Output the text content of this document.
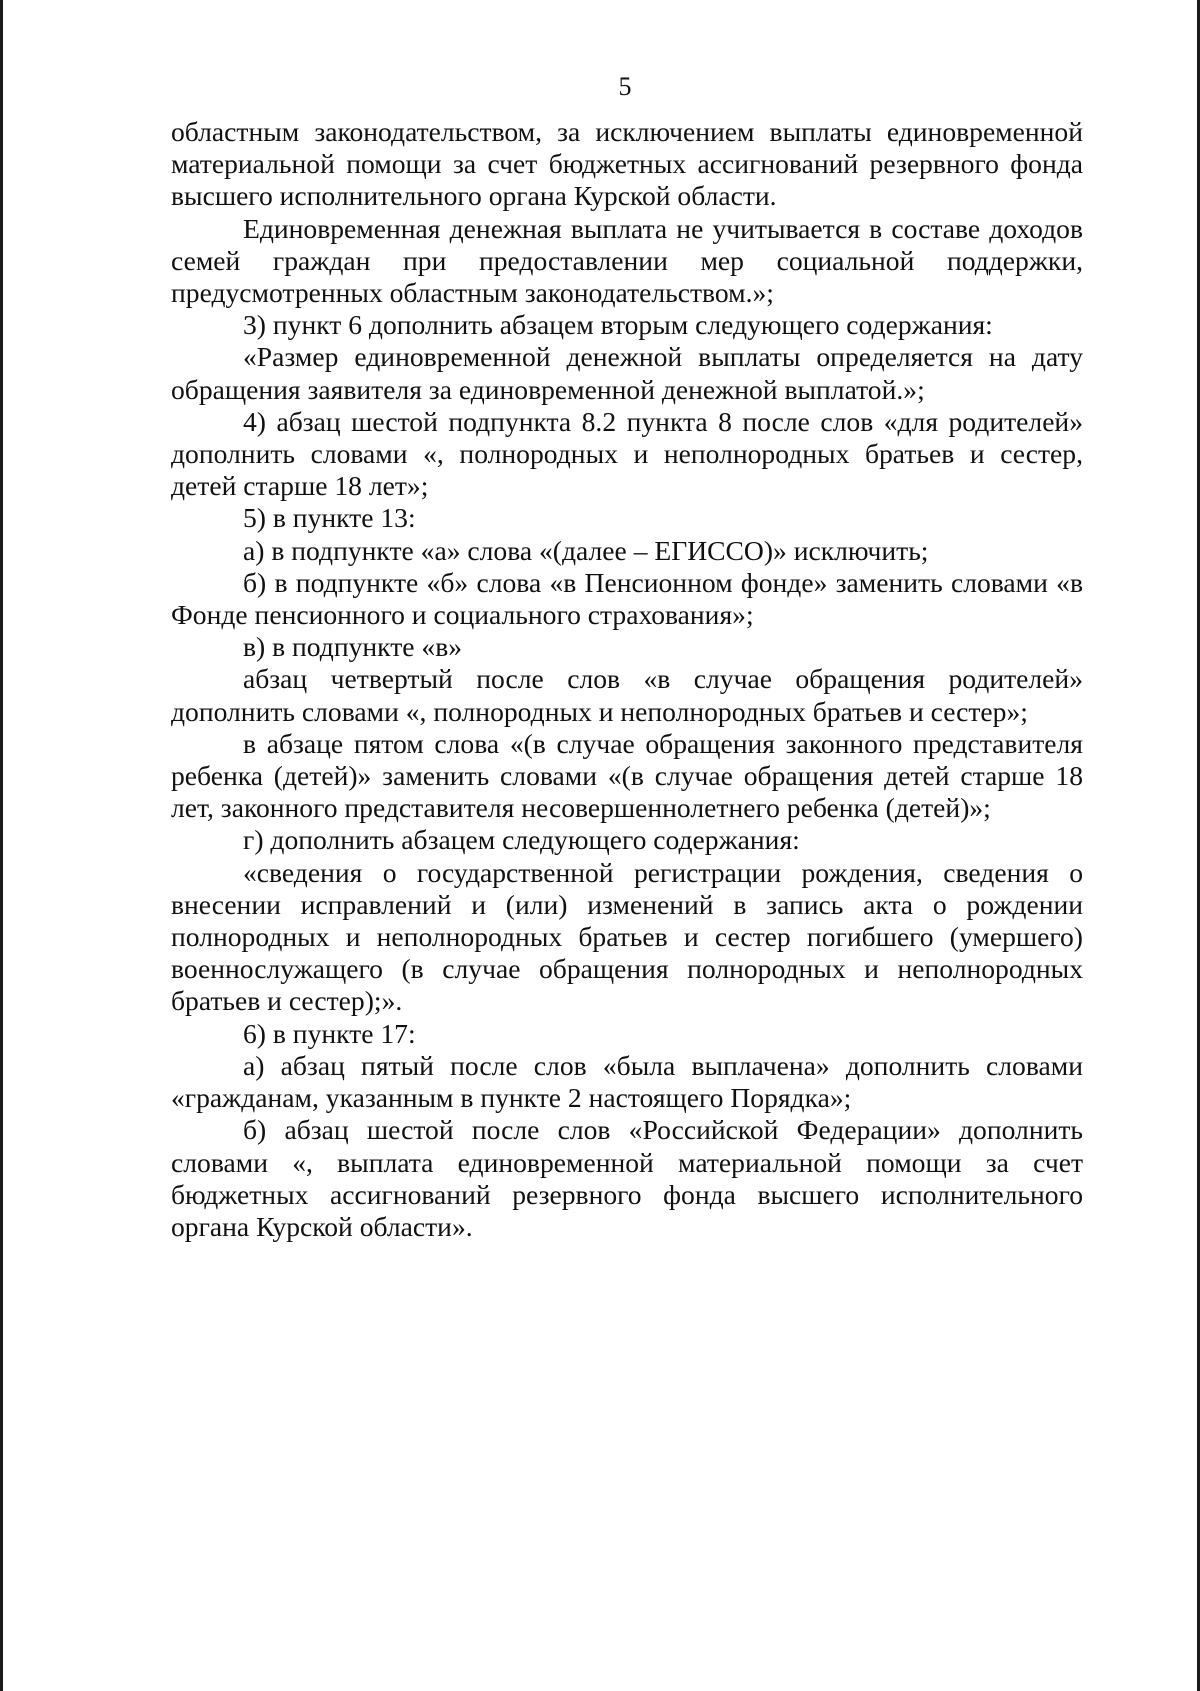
5

областным законодательством, за исключением выплаты единовременной материальной помощи за счет бюджетных ассигнований резервного фонда высшего исполнительного органа Курской области.

Единовременная денежная выплата не учитывается в составе доходов семей граждан при предоставлении мер социальной поддержки, предусмотренных областным законодательством.»;

3) пункт 6 дополнить абзацем вторым следующего содержания:

«Размер единовременной денежной выплаты определяется на дату обращения заявителя за единовременной денежной выплатой.»;

4) абзац шестой подпункта 8.2 пункта 8 после слов «для родителей» дополнить словами «, полнородных и неполнородных братьев и сестер, детей старше 18 лет»;

5) в пункте 13:

а) в подпункте «а» слова «(далее – ЕГИССО)» исключить;

б) в подпункте «б» слова «в Пенсионном фонде» заменить словами «в Фонде пенсионного и социального страхования»;

в) в подпункте «в»

абзац четвертый после слов «в случае обращения родителей» дополнить словами «, полнородных и неполнородных братьев и сестер»;

в абзаце пятом слова «(в случае обращения законного представителя ребенка (детей)» заменить словами «(в случае обращения детей старше 18 лет, законного представителя несовершеннолетнего ребенка (детей)»;

г) дополнить абзацем следующего содержания:

«сведения о государственной регистрации рождения, сведения о внесении исправлений и (или) изменений в запись акта о рождении полнородных и неполнородных братьев и сестер погибшего (умершего) военнослужащего (в случае обращения полнородных и неполнородных братьев и сестер);».

6) в пункте 17:

а) абзац пятый после слов «была выплачена» дополнить словами «гражданам, указанным в пункте 2 настоящего Порядка»;

б) абзац шестой после слов «Российской Федерации» дополнить словами «, выплата единовременной материальной помощи за счет бюджетных ассигнований резервного фонда высшего исполнительного органа Курской области».
